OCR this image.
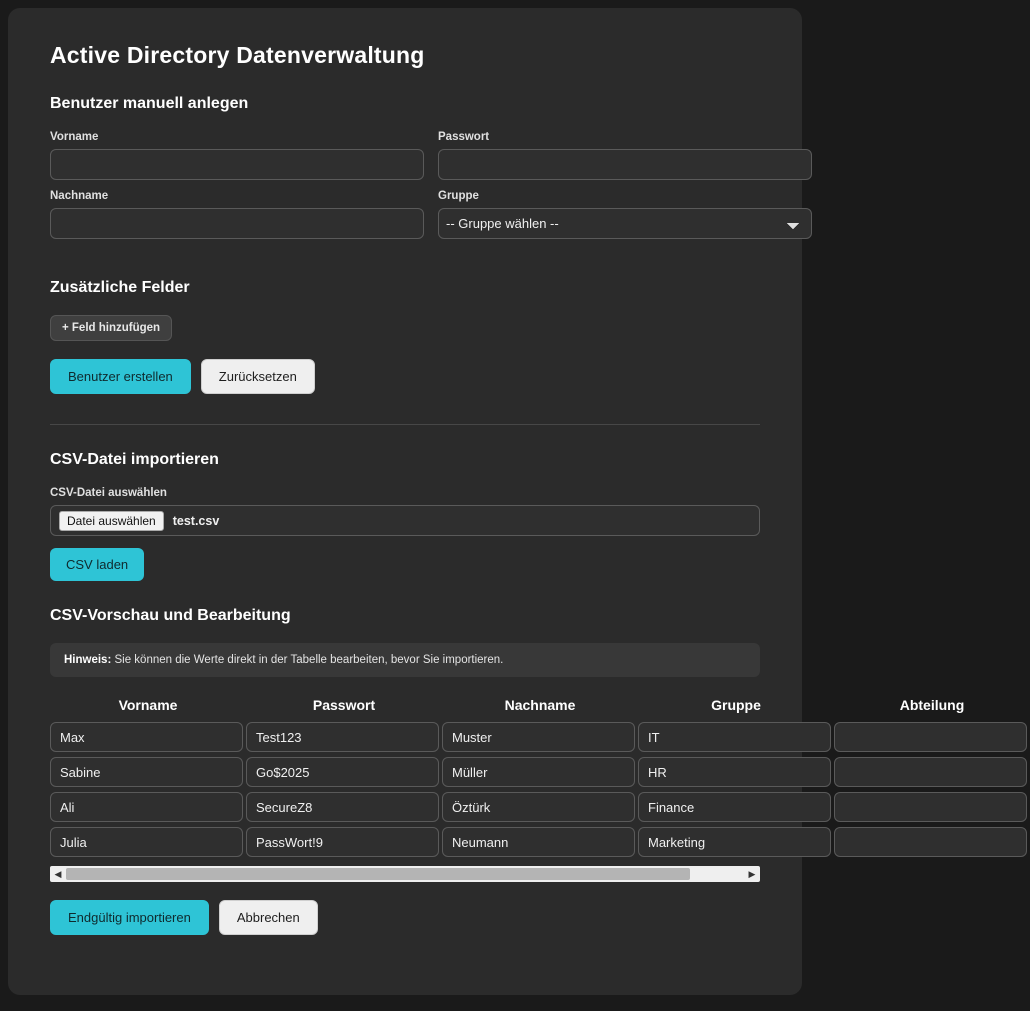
Active Directory Datenverwaltung
Benutzer manuell anlegen
Vorname	Passwort
Nachname	Gruppe
-- Gruppe wählen --
Zusätzliche Felder
+ Feld hinzufügen
Benutzer erstellen	Zurücksetzen
CSV-Datei importieren
CSV-Datei auswählen
Datei auswählen	test.csv
CSV laden
CSV-Vorschau und Bearbeitung
Hinweis: Sie können die Werte direkt in der Tabelle bearbeiten, bevor Sie importieren.
Vorname	Passwort	Nachname	Gruppe	Abteilung
Max	Test123	Muster	IT	
Sabine	Go$2025	Müller	HR	
Ali	SecureZ8	Öztürk	Finance	
Julia	PassWort!9	Neumann	Marketing	
◀	▶
Endgültig importieren	Abbrechen
